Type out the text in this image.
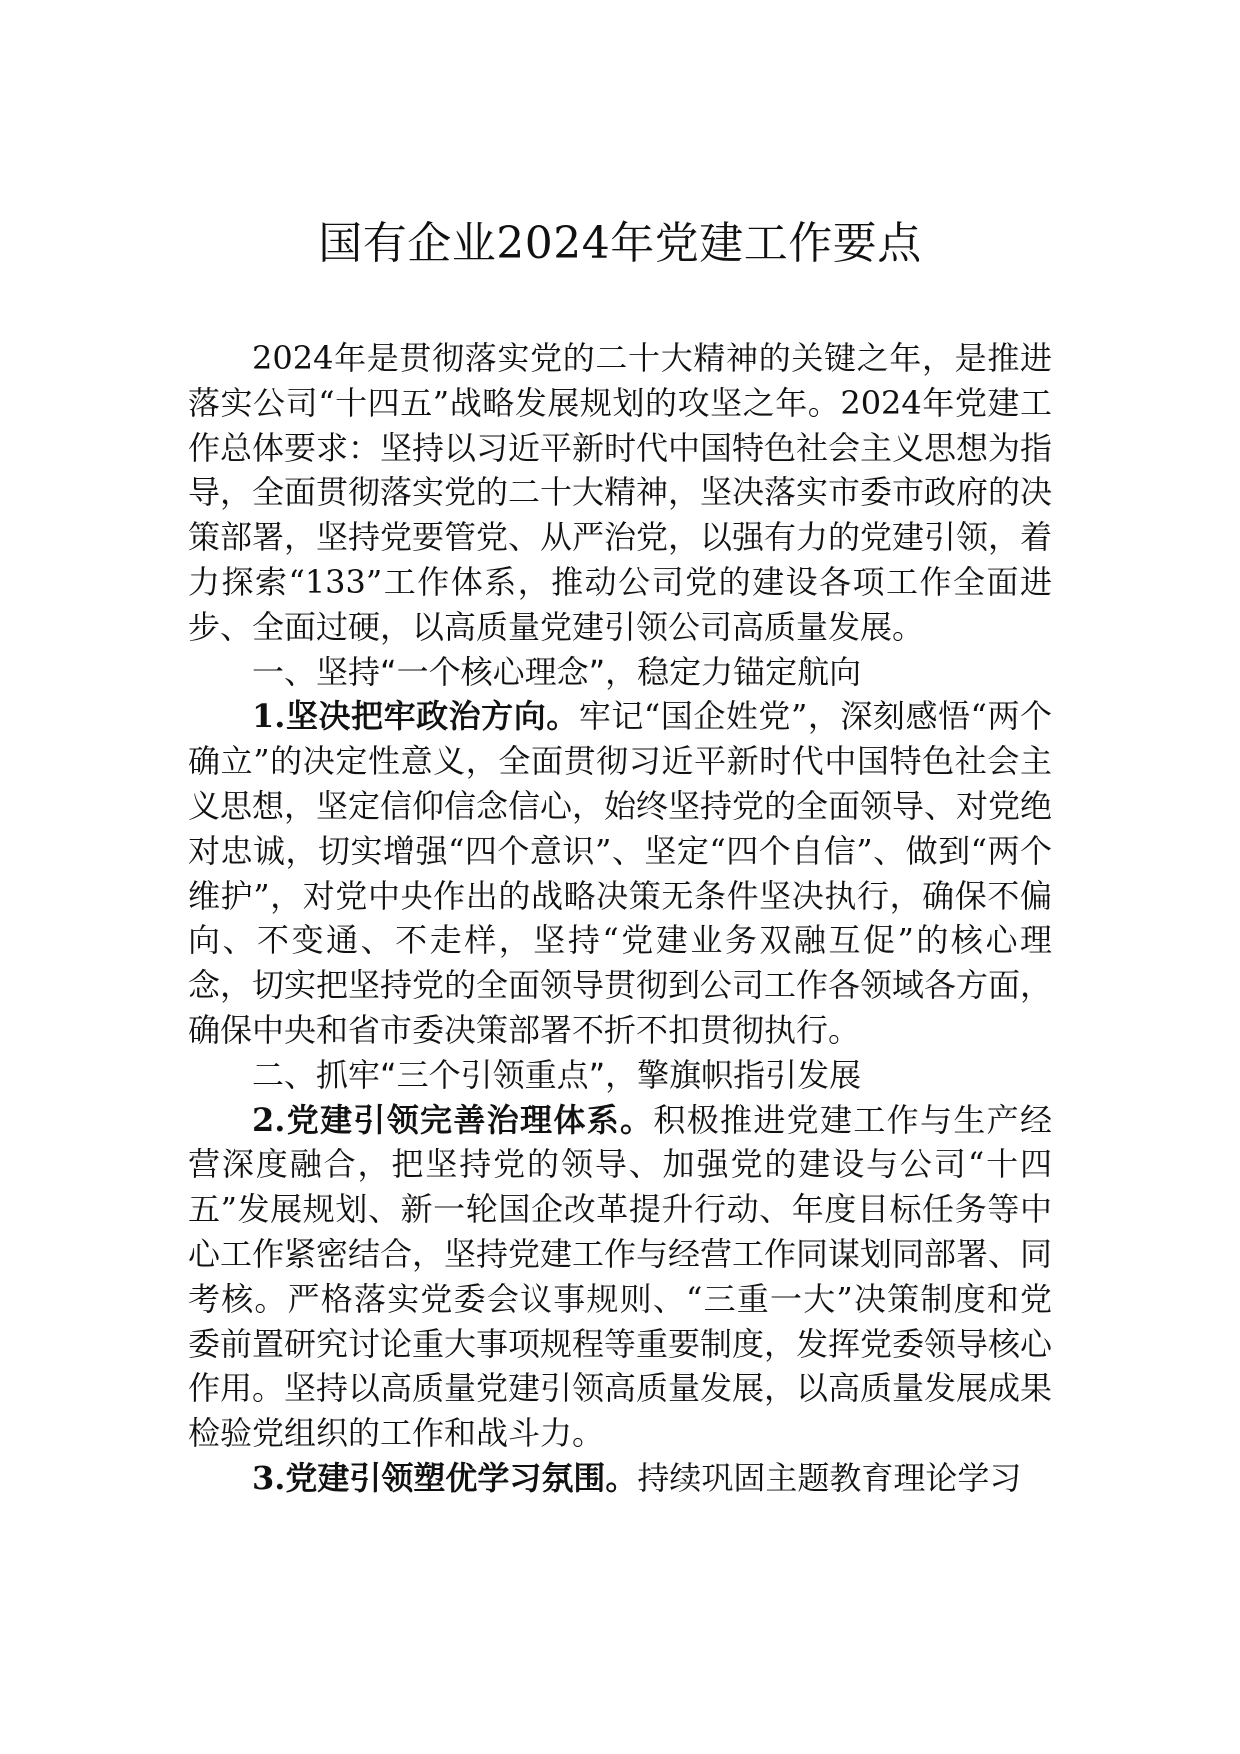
国有企业2024年党建工作要点

2024年是贯彻落实党的二十大精神的关键之年，是推进落实公司“十四五”战略发展规划的攻坚之年。2024年党建工作总体要求：坚持以习近平新时代中国特色社会主义思想为指导，全面贯彻落实党的二十大精神，坚决落实市委市政府的决策部署，坚持党要管党、从严治党，以强有力的党建引领，着力探索“133”工作体系，推动公司党的建设各项工作全面进步、全面过硬，以高质量党建引领公司高质量发展。

一、坚持“一个核心理念”，稳定力锚定航向

1.坚决把牢政治方向。牢记“国企姓党”，深刻感悟“两个确立”的决定性意义，全面贯彻习近平新时代中国特色社会主义思想，坚定信仰信念信心，始终坚持党的全面领导、对党绝对忠诚，切实增强“四个意识”、坚定“四个自信”、做到“两个维护”，对党中央作出的战略决策无条件坚决执行，确保不偏向、不变通、不走样，坚持“党建业务双融互促”的核心理念，切实把坚持党的全面领导贯彻到公司工作各领域各方面，确保中央和省市委决策部署不折不扣贯彻执行。

二、抓牢“三个引领重点”，擎旗帜指引发展

2.党建引领完善治理体系。积极推进党建工作与生产经营深度融合，把坚持党的领导、加强党的建设与公司“十四五”发展规划、新一轮国企改革提升行动、年度目标任务等中心工作紧密结合，坚持党建工作与经营工作同谋划同部署、同考核。严格落实党委会议事规则、“三重一大”决策制度和党委前置研究讨论重大事项规程等重要制度，发挥党委领导核心作用。坚持以高质量党建引领高质量发展，以高质量发展成果检验党组织的工作和战斗力。

3.党建引领塑优学习氛围。持续巩固主题教育理论学习
